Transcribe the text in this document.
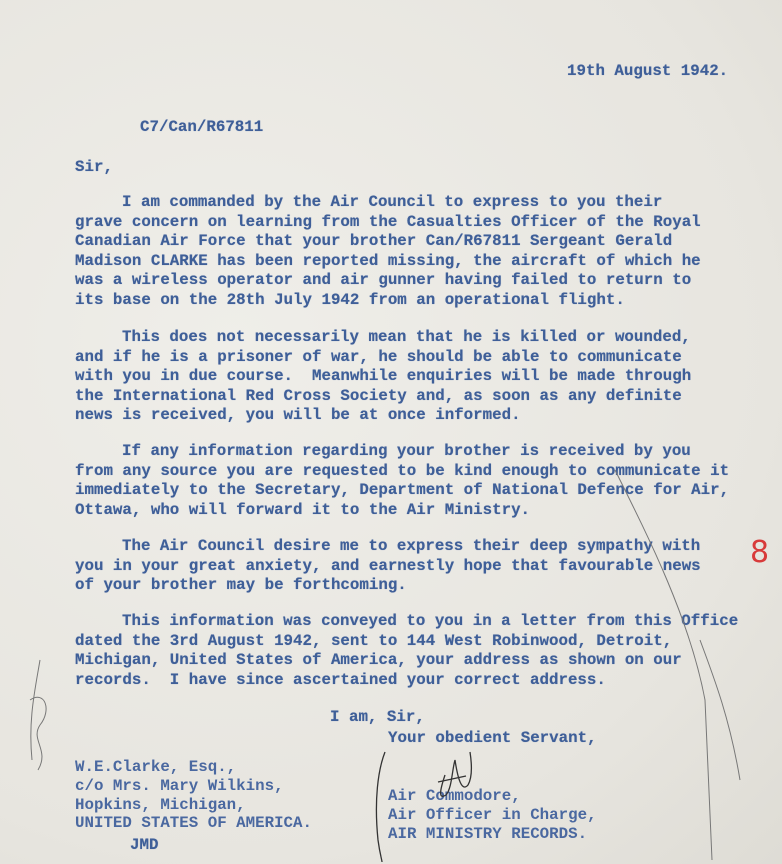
19th August 1942.
C7/Can/R67811
Sir,
I am commanded by the Air Council to express to you their
grave concern on learning from the Casualties Officer of the Royal
Canadian Air Force that your brother Can/R67811 Sergeant Gerald
Madison CLARKE has been reported missing, the aircraft of which he
was a wireless operator and air gunner having failed to return to
its base on the 28th July 1942 from an operational flight.
This does not necessarily mean that he is killed or wounded,
and if he is a prisoner of war, he should be able to communicate
with you in due course.  Meanwhile enquiries will be made through
the International Red Cross Society and, as soon as any definite
news is received, you will be at once informed.
If any information regarding your brother is received by you
from any source you are requested to be kind enough to communicate it
immediately to the Secretary, Department of National Defence for Air,
Ottawa, who will forward it to the Air Ministry.
The Air Council desire me to express their deep sympathy with
you in your great anxiety, and earnestly hope that favourable news
of your brother may be forthcoming.
This information was conveyed to you in a letter from this Office
dated the 3rd August 1942, sent to 144 West Robinwood, Detroit,
Michigan, United States of America, your address as shown on our
records.  I have since ascertained your correct address.
I am, Sir,
Your obedient Servant,
W.E.Clarke, Esq.,
c/o Mrs. Mary Wilkins,
Hopkins, Michigan,
UNITED STATES OF AMERICA.
JMD
Air Commodore,
Air Officer in Charge,
AIR MINISTRY RECORDS.
8
